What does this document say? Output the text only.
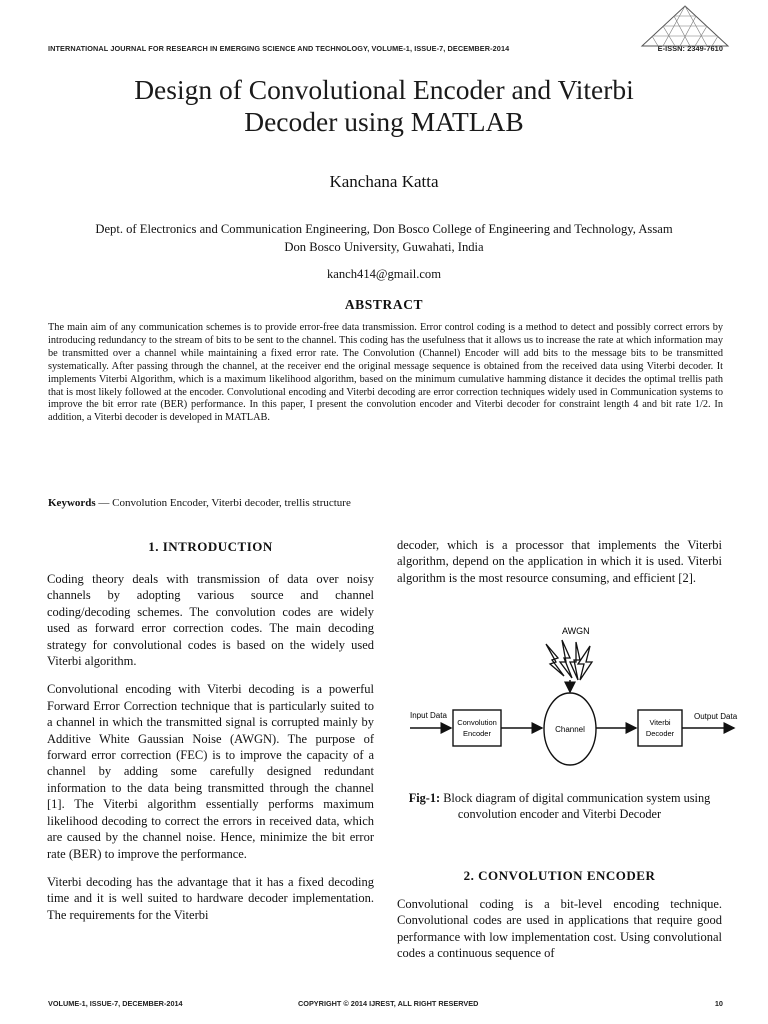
INTERNATIONAL JOURNAL FOR RESEARCH IN EMERGING SCIENCE AND TECHNOLOGY, VOLUME-1, ISSUE-7, DECEMBER-2014	E-ISSN: 2349-7610
Design of Convolutional Encoder and Viterbi
Decoder using MATLAB
Kanchana Katta
Dept. of Electronics and Communication Engineering, Don Bosco College of Engineering and Technology, Assam
Don Bosco University, Guwahati, India
kanch414@gmail.com
ABSTRACT
The main aim of any communication schemes is to provide error-free data transmission. Error control coding is a method to detect and possibly correct errors by introducing redundancy to the stream of bits to be sent to the channel. This coding has the usefulness that it allows us to increase the rate at which information may be transmitted over a channel while maintaining a fixed error rate. The Convolution (Channel) Encoder will add bits to the message bits to be transmitted systematically. After passing through the channel, at the receiver end the original message sequence is obtained from the received data using Viterbi decoder. It implements Viterbi Algorithm, which is a maximum likelihood algorithm, based on the minimum cumulative hamming distance it decides the optimal trellis path that is most likely followed at the encoder. Convolutional encoding and Viterbi decoding are error correction techniques widely used in Communication systems to improve the bit error rate (BER) performance. In this paper, I present the convolution encoder and Viterbi decoder for constraint length 4 and bit rate 1/2. In addition, a Viterbi decoder is developed in MATLAB.
Keywords — Convolution Encoder, Viterbi decoder, trellis structure
1. INTRODUCTION

Coding theory deals with transmission of data over noisy channels by adopting various source and channel coding/decoding schemes. The convolution codes are widely used as forward error correction codes. The main decoding strategy for convolutional codes is based on the widely used Viterbi algorithm.

Convolutional encoding with Viterbi decoding is a powerful Forward Error Correction technique that is particularly suited to a channel in which the transmitted signal is corrupted mainly by Additive White Gaussian Noise (AWGN). The purpose of forward error correction (FEC) is to improve the capacity of a channel by adding some carefully designed redundant information to the data being transmitted through the channel [1]. The Viterbi algorithm essentially performs maximum likelihood decoding to correct the errors in received data, which are caused by the channel noise. Hence, minimize the bit error rate (BER) to improve the performance.

Viterbi decoding has the advantage that it has a fixed decoding time and it is well suited to hardware decoder implementation. The requirements for the Viterbi

decoder, which is a processor that implements the Viterbi algorithm, depend on the application in which it is used. Viterbi algorithm is the most resource consuming, and efficient [2].

AWGN
Input Data
Convolution
Encoder	Channel
Viterbi
Decoder
Output Data
Fig-1: Block diagram of digital communication system using convolution encoder and Viterbi Decoder
2. CONVOLUTION ENCODER

Convolutional coding is a bit-level encoding technique. Convolutional codes are used in applications that require good performance with low implementation cost. Using convolutional codes a continuous sequence of

VOLUME-1, ISSUE-7, DECEMBER-2014	COPYRIGHT © 2014 IJREST, ALL RIGHT RESERVED	10
